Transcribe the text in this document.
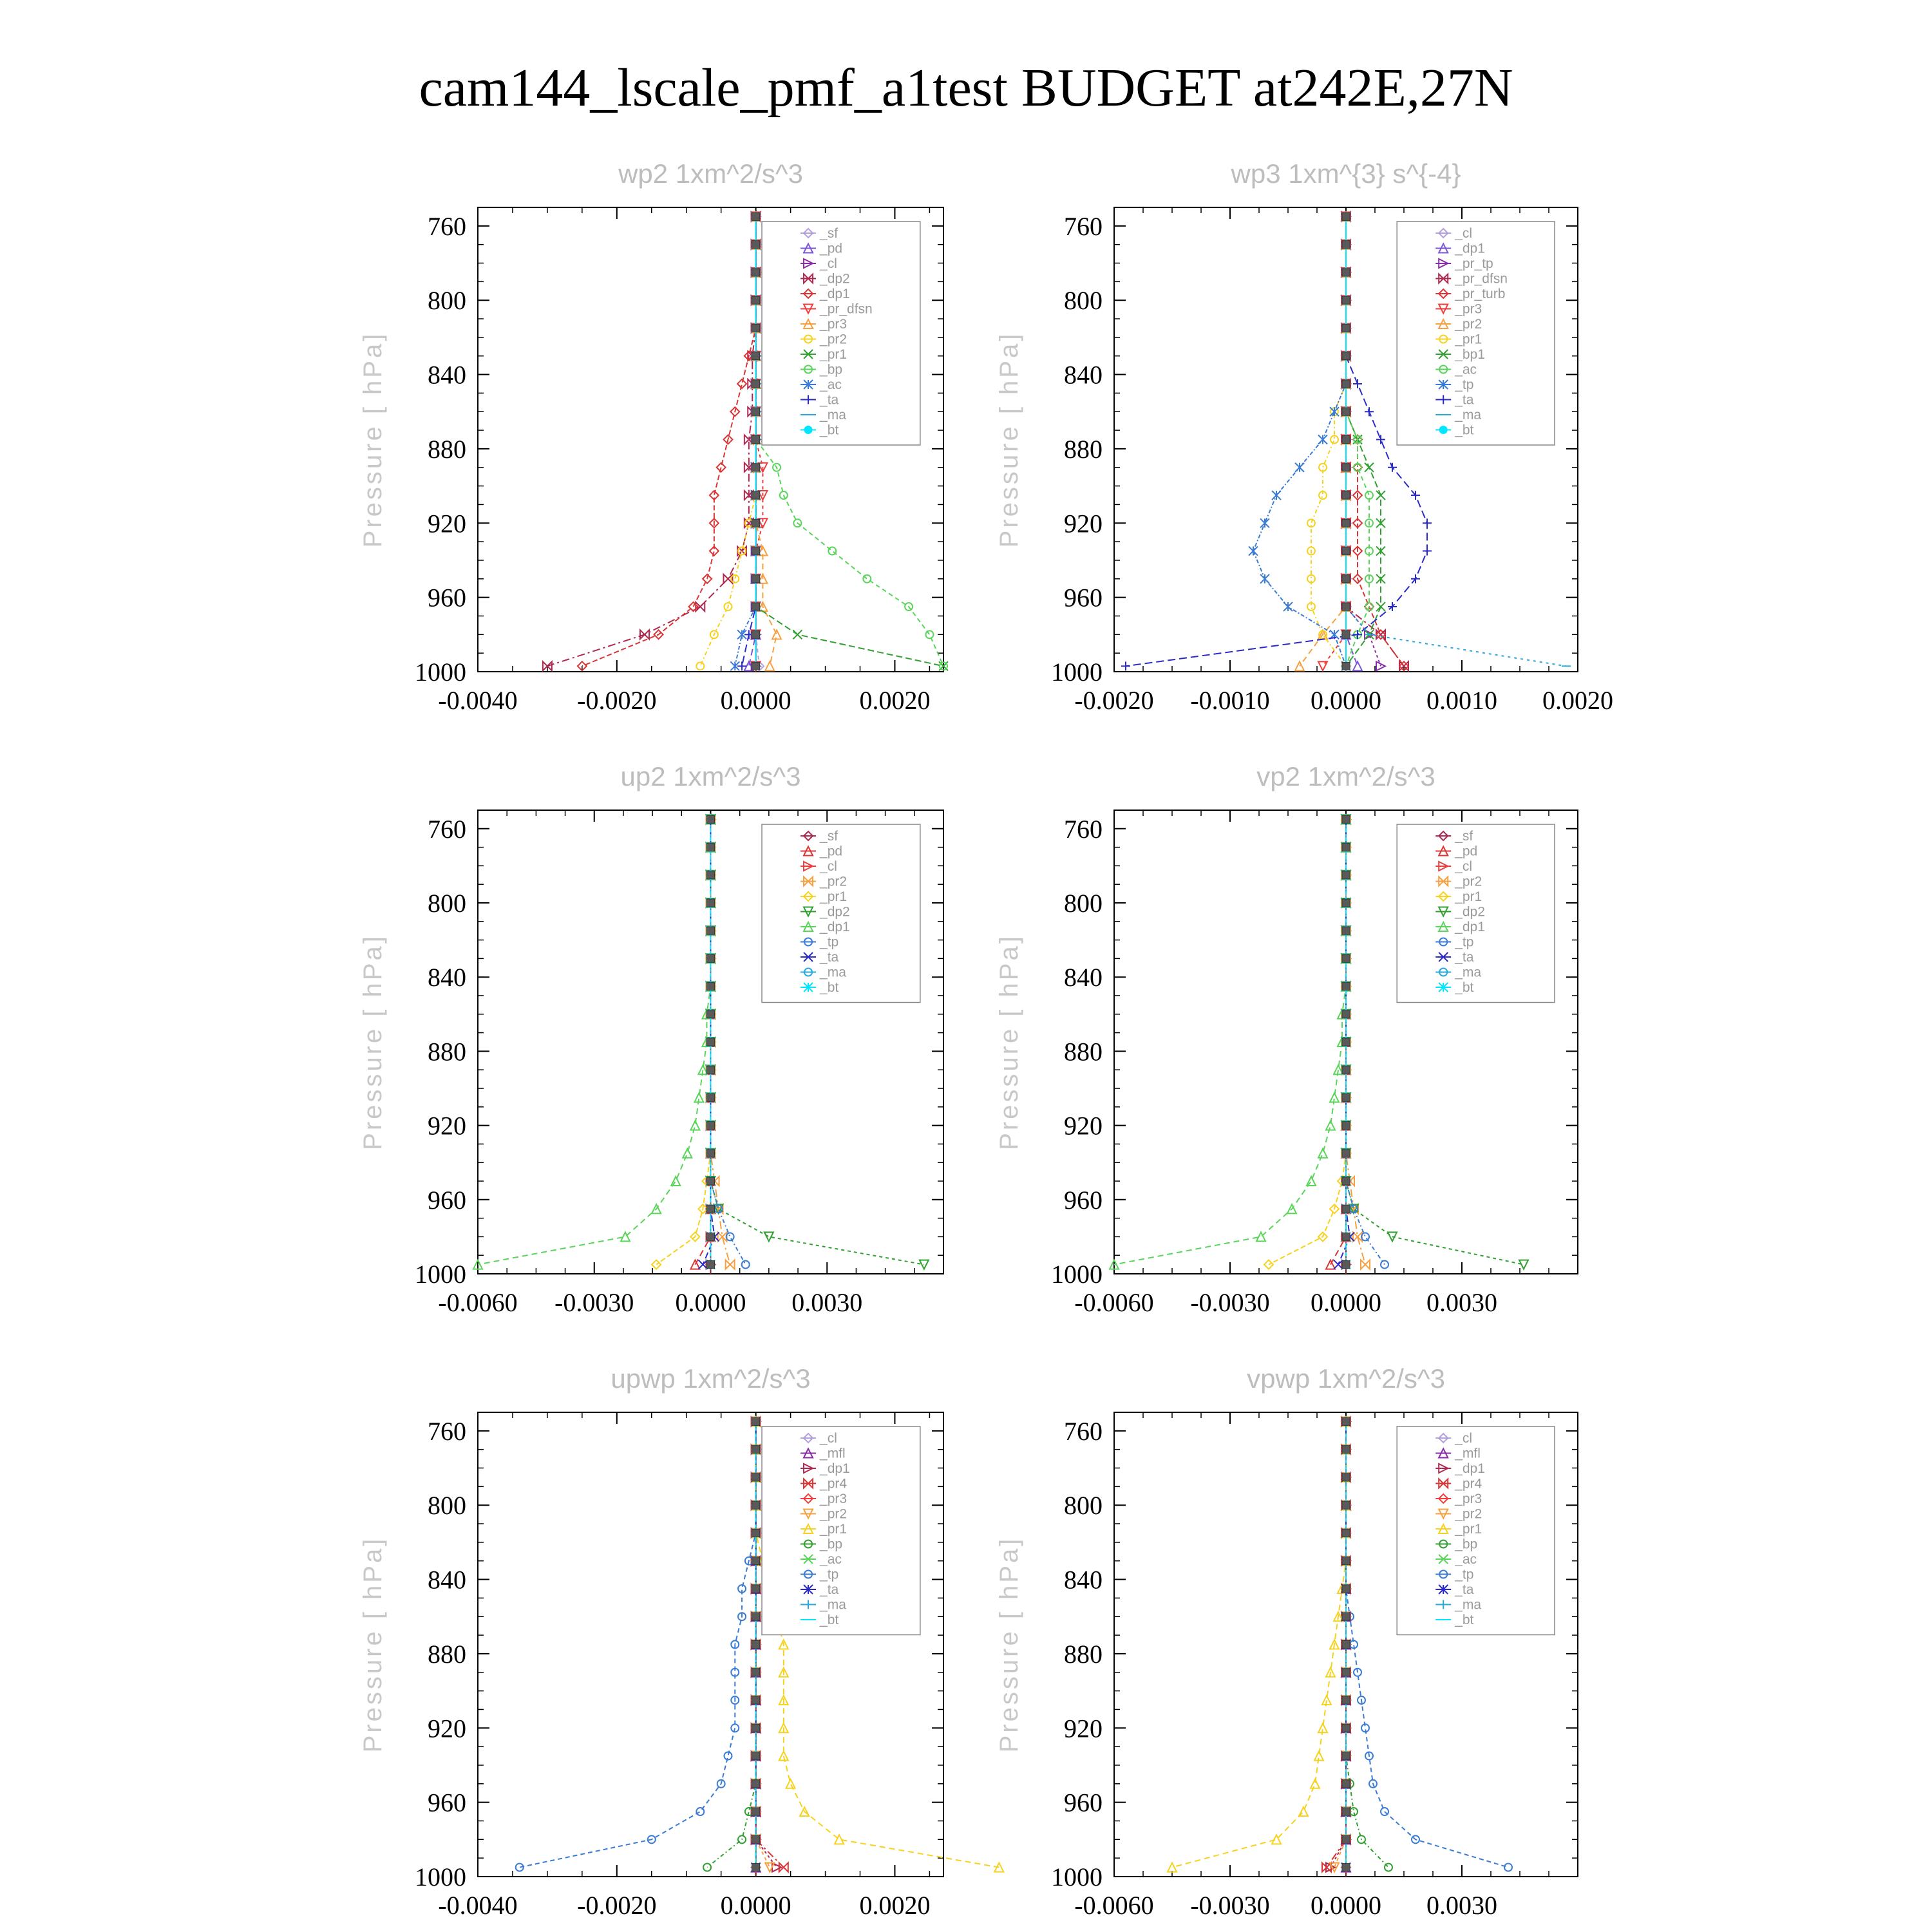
cam144_lscale_pmf_a1test BUDGET at242E,27N
wp2 1xm^2/s^3
Pressure [ hPa]
760
800
840
880
920
960
1000
-0.0040 -0.0020 0.0000	0.0020
_sf
_pd
_cl
_dp2
_dp1
_pr_dfsn
_pr3
_pr2
_pr1
_bp
_ac
_ta
_ma
_bt
wp3 1xm^{3} s^{-4}
Pressure [ hPa]
760
800
840
880
920
960
1000
-0.0020 -0.0010 0.0000 0.0010 0.0020
_cl
_dp1
_pr_tp
_pr_dfsn
_pr_turb
_pr3
_pr2
_pr1
_bp1
_ac
_tp
_ta
_ma
_bt
up2 1xm^2/s^3
Pressure [ hPa]
760
800
840
880
920
960
1000
-0.0060 -0.0030 0.0000 0.0030
_sf
_pd
_cl
_pr2
_pr1
_dp2
_dp1
_tp
_ta
_ma
_bt
vp2 1xm^2/s^3
Pressure [ hPa]
760
800
840
880
920
960
1000
-0.0060 -0.0030 0.0000 0.0030
_sf
_pd
_cl
_pr2
_pr1
_dp2
_dp1
_tp
_ta
_ma
_bt
upwp 1xm^2/s^3
Pressure [ hPa]
760
800
840
880
920
960
1000
-0.0040 -0.0020 0.0000	0.0020
_cl
_mfl
_dp1
_pr4
_pr3
_pr2
_pr1
_bp
_ac
_tp
_ta
_ma
_bt
vpwp 1xm^2/s^3
Pressure [ hPa]
760
800
840
880
920
960
1000
-0.0060 -0.0030 0.0000 0.0030
_cl
_mfl
_dp1
_pr4
_pr3
_pr2
_pr1
_bp
_ac
_tp
_ta
_ma
_bt
